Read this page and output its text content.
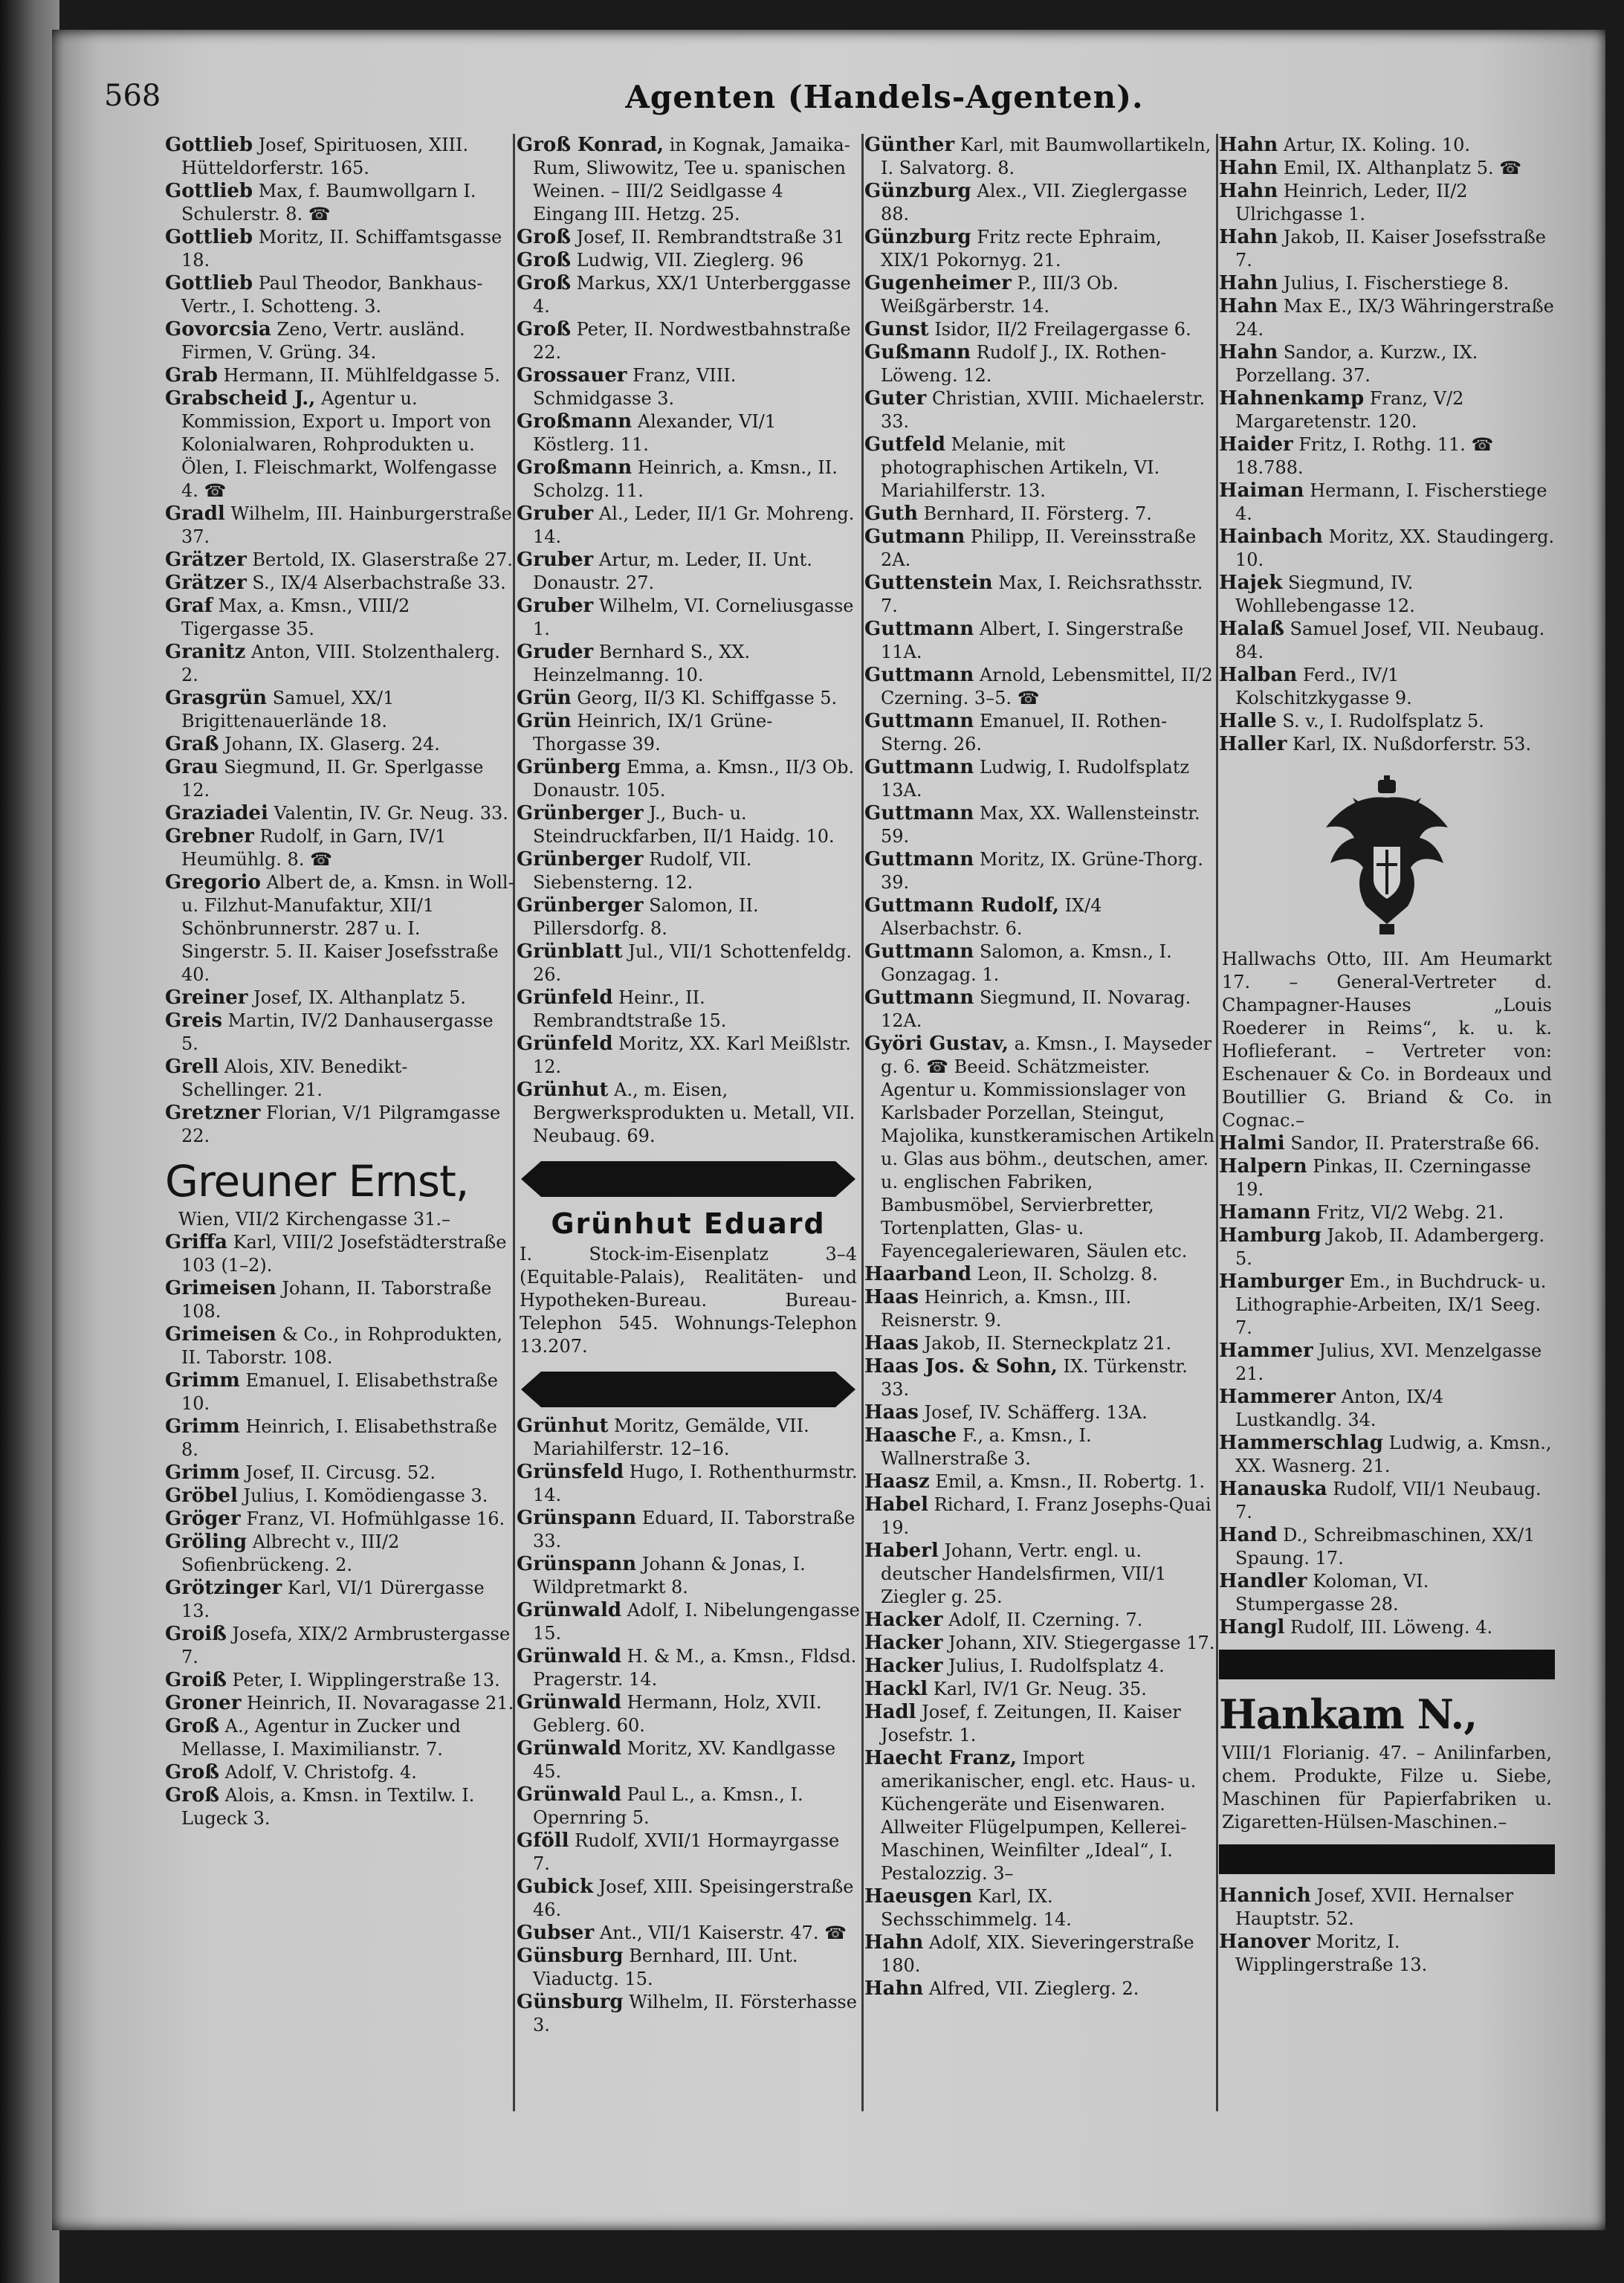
568	Agenten (Handels-Agenten).

Gottlieb Josef, Spirituosen, XIII. Hütteldorferstr. 165.

Gottlieb Max, f. Baumwollgarn I. Schulerstr. 8. ☎

Gottlieb Moritz, II. Schiffamtsgasse 18.

Gottlieb Paul Theodor, Bankhaus-Vertr., I. Schotteng. 3.

Govorcsia Zeno, Vertr. ausländ. Firmen, V. Grüng. 34.

Grab Hermann, II. Mühlfeldgasse 5.

Grabscheid J., Agentur u. Kommission, Export u. Import von Kolonialwaren, Rohprodukten u. Ölen, I. Fleischmarkt, Wolfengasse 4. ☎

Gradl Wilhelm, III. Hainburgerstraße 37.

Grätzer Bertold, IX. Glaserstraße 27.

Grätzer S., IX/4 Alserbachstraße 33.

Graf Max, a. Kmsn., VIII/2 Tigergasse 35.

Granitz Anton, VIII. Stolzenthalerg. 2.

Grasgrün Samuel, XX/1 Brigittenauerlände 18.

Graß Johann, IX. Glaserg. 24.

Grau Siegmund, II. Gr. Sperlgasse 12.

Graziadei Valentin, IV. Gr. Neug. 33.

Grebner Rudolf, in Garn, IV/1 Heumühlg. 8. ☎

Gregorio Albert de, a. Kmsn. in Woll- u. Filzhut-Manufaktur, XII/1 Schönbrunnerstr. 287 u. I. Singerstr. 5. II. Kaiser Josefsstraße 40.

Greiner Josef, IX. Althanplatz 5.

Greis Martin, IV/2 Danhausergasse 5.

Grell Alois, XIV. Benedikt-Schellinger. 21.

Gretzner Florian, V/1 Pilgramgasse 22.

Greuner Ernst,

Wien, VII/2 Kirchengasse 31.–

Griffa Karl, VIII/2 Josefstädterstraße 103 (1–2).

Grimeisen Johann, II. Taborstraße 108.

Grimeisen & Co., in Rohprodukten, II. Taborstr. 108.

Grimm Emanuel, I. Elisabethstraße 10.

Grimm Heinrich, I. Elisabethstraße 8.

Grimm Josef, II. Circusg. 52.

Gröbel Julius, I. Komödiengasse 3.

Gröger Franz, VI. Hofmühlgasse 16.

Gröling Albrecht v., III/2 Sofienbrückeng. 2.

Grötzinger Karl, VI/1 Dürergasse 13.

Groiß Josefa, XIX/2 Armbrustergasse 7.

Groiß Peter, I. Wipplingerstraße 13.

Groner Heinrich, II. Novaragasse 21.

Groß A., Agentur in Zucker und Mellasse, I. Maximilianstr. 7.

Groß Adolf, V. Christofg. 4.

Groß Alois, a. Kmsn. in Textilw. I. Lugeck 3.

Groß Konrad, in Kognak, Jamaika-Rum, Sliwowitz, Tee u. spanischen Weinen. – III/2 Seidlgasse 4 Eingang III. Hetzg. 25.

Groß Josef, II. Rembrandtstraße 31

Groß Ludwig, VII. Zieglerg. 96

Groß Markus, XX/1 Unterberggasse 4.

Groß Peter, II. Nordwestbahnstraße 22.

Grossauer Franz, VIII. Schmidgasse 3.

Großmann Alexander, VI/1 Köstlerg. 11.

Großmann Heinrich, a. Kmsn., II. Scholzg. 11.

Gruber Al., Leder, II/1 Gr. Mohreng. 14.

Gruber Artur, m. Leder, II. Unt. Donaustr. 27.

Gruber Wilhelm, VI. Corneliusgasse 1.

Gruder Bernhard S., XX. Heinzelmanng. 10.

Grün Georg, II/3 Kl. Schiffgasse 5.

Grün Heinrich, IX/1 Grüne-Thorgasse 39.

Grünberg Emma, a. Kmsn., II/3 Ob. Donaustr. 105.

Grünberger J., Buch- u. Steindruckfarben, II/1 Haidg. 10.

Grünberger Rudolf, VII. Siebensterng. 12.

Grünberger Salomon, II. Pillersdorfg. 8.

Grünblatt Jul., VII/1 Schottenfeldg. 26.

Grünfeld Heinr., II. Rembrandtstraße 15.

Grünfeld Moritz, XX. Karl Meißlstr. 12.

Grünhut A., m. Eisen, Bergwerksprodukten u. Metall, VII. Neubaug. 69.

Grünhut Eduard

I. Stock-im-Eisenplatz 3–4 (Equitable-Palais), Realitäten- und Hypotheken-Bureau. Bureau-Telephon 545. Wohnungs-Telephon 13.207.

Grünhut Moritz, Gemälde, VII. Mariahilferstr. 12–16.

Grünsfeld Hugo, I. Rothenthurmstr. 14.

Grünspann Eduard, II. Taborstraße 33.

Grünspann Johann & Jonas, I. Wildpretmarkt 8.

Grünwald Adolf, I. Nibelungengasse 15.

Grünwald H. & M., a. Kmsn., Fldsd. Pragerstr. 14.

Grünwald Hermann, Holz, XVII. Geblerg. 60.

Grünwald Moritz, XV. Kandlgasse 45.

Grünwald Paul L., a. Kmsn., I. Opernring 5.

Gföll Rudolf, XVII/1 Hormayrgasse 7.

Gubick Josef, XIII. Speisingerstraße 46.

Gubser Ant., VII/1 Kaiserstr. 47. ☎

Günsburg Bernhard, III. Unt. Viaductg. 15.

Günsburg Wilhelm, II. Försterhasse 3.

Günther Karl, mit Baumwollartikeln, I. Salvatorg. 8.

Günzburg Alex., VII. Zieglergasse 88.

Günzburg Fritz recte Ephraim, XIX/1 Pokornyg. 21.

Gugenheimer P., III/3 Ob. Weißgärberstr. 14.

Gunst Isidor, II/2 Freilagergasse 6.

Gußmann Rudolf J., IX. Rothen-Löweng. 12.

Guter Christian, XVIII. Michaelerstr. 33.

Gutfeld Melanie, mit photographischen Artikeln, VI. Mariahilferstr. 13.

Guth Bernhard, II. Försterg. 7.

Gutmann Philipp, II. Vereinsstraße 2A.

Guttenstein Max, I. Reichsrathsstr. 7.

Guttmann Albert, I. Singerstraße 11A.

Guttmann Arnold, Lebensmittel, II/2 Czerning. 3–5. ☎

Guttmann Emanuel, II. Rothen-Sterng. 26.

Guttmann Ludwig, I. Rudolfsplatz 13A.

Guttmann Max, XX. Wallensteinstr. 59.

Guttmann Moritz, IX. Grüne-Thorg. 39.

Guttmann Rudolf, IX/4 Alserbachstr. 6.

Guttmann Salomon, a. Kmsn., I. Gonzagag. 1.

Guttmann Siegmund, II. Novarag. 12A.

Györi Gustav, a. Kmsn., I. Mayseder g. 6. ☎ Beeid. Schätzmeister. Agentur u. Kommissionslager von Karlsbader Porzellan, Steingut, Majolika, kunstkeramischen Artikeln u. Glas aus böhm., deutschen, amer. u. englischen Fabriken, Bambusmöbel, Servierbretter, Tortenplatten, Glas- u. Fayencegaleriewaren, Säulen etc.

Haarband Leon, II. Scholzg. 8.

Haas Heinrich, a. Kmsn., III. Reisnerstr. 9.

Haas Jakob, II. Sterneckplatz 21.

Haas Jos. & Sohn, IX. Türkenstr. 33.

Haas Josef, IV. Schäfferg. 13A.

Haasche F., a. Kmsn., I. Wallnerstraße 3.

Haasz Emil, a. Kmsn., II. Robertg. 1.

Habel Richard, I. Franz Josephs-Quai 19.

Haberl Johann, Vertr. engl. u. deutscher Handelsfirmen, VII/1 Ziegler g. 25.

Hacker Adolf, II. Czerning. 7.

Hacker Johann, XIV. Stiegergasse 17.

Hacker Julius, I. Rudolfsplatz 4.

Hackl Karl, IV/1 Gr. Neug. 35.

Hadl Josef, f. Zeitungen, II. Kaiser Josefstr. 1.

Haecht Franz, Import amerikanischer, engl. etc. Haus- u. Küchengeräte und Eisenwaren. Allweiter Flügelpumpen, Kellerei-Maschinen, Weinfilter „Ideal“, I. Pestalozzig. 3–

Haeusgen Karl, IX. Sechsschimmelg. 14.

Hahn Adolf, XIX. Sieveringerstraße 180.

Hahn Alfred, VII. Zieglerg. 2.

Hahn Artur, IX. Koling. 10.

Hahn Emil, IX. Althanplatz 5. ☎

Hahn Heinrich, Leder, II/2 Ulrichgasse 1.

Hahn Jakob, II. Kaiser Josefsstraße 7.

Hahn Julius, I. Fischerstiege 8.

Hahn Max E., IX/3 Währingerstraße 24.

Hahn Sandor, a. Kurzw., IX. Porzellang. 37.

Hahnenkamp Franz, V/2 Margaretenstr. 120.

Haider Fritz, I. Rothg. 11. ☎ 18.788.

Haiman Hermann, I. Fischerstiege 4.

Hainbach Moritz, XX. Staudingerg. 10.

Hajek Siegmund, IV. Wohllebengasse 12.

Halaß Samuel Josef, VII. Neubaug. 84.

Halban Ferd., IV/1 Kolschitzkygasse 9.

Halle S. v., I. Rudolfsplatz 5.

Haller Karl, IX. Nußdorferstr. 53.

Hallwachs Otto, III. Am Heumarkt 17. – General-Vertreter d. Champagner-Hauses „Louis Roederer in Reims“, k. u. k. Hoflieferant. – Vertreter von: Eschenauer & Co. in Bordeaux und Boutillier G. Briand & Co. in Cognac.–

Halmi Sandor, II. Praterstraße 66.

Halpern Pinkas, II. Czerningasse 19.

Hamann Fritz, VI/2 Webg. 21.

Hamburg Jakob, II. Adambergerg. 5.

Hamburger Em., in Buchdruck- u. Lithographie-Arbeiten, IX/1 Seeg. 7.

Hammer Julius, XVI. Menzelgasse 21.

Hammerer Anton, IX/4 Lustkandlg. 34.

Hammerschlag Ludwig, a. Kmsn., XX. Wasnerg. 21.

Hanauska Rudolf, VII/1 Neubaug. 7.

Hand D., Schreibmaschinen, XX/1 Spaung. 17.

Handler Koloman, VI. Stumpergasse 28.

Hangl Rudolf, III. Löweng. 4.

Hankam N.,

VIII/1 Florianig. 47. – Anilinfarben, chem. Produkte, Filze u. Siebe, Maschinen für Papierfabriken u. Zigaretten-Hülsen-Maschinen.–

Hannich Josef, XVII. Hernalser Hauptstr. 52.

Hanover Moritz, I. Wipplingerstraße 13.
